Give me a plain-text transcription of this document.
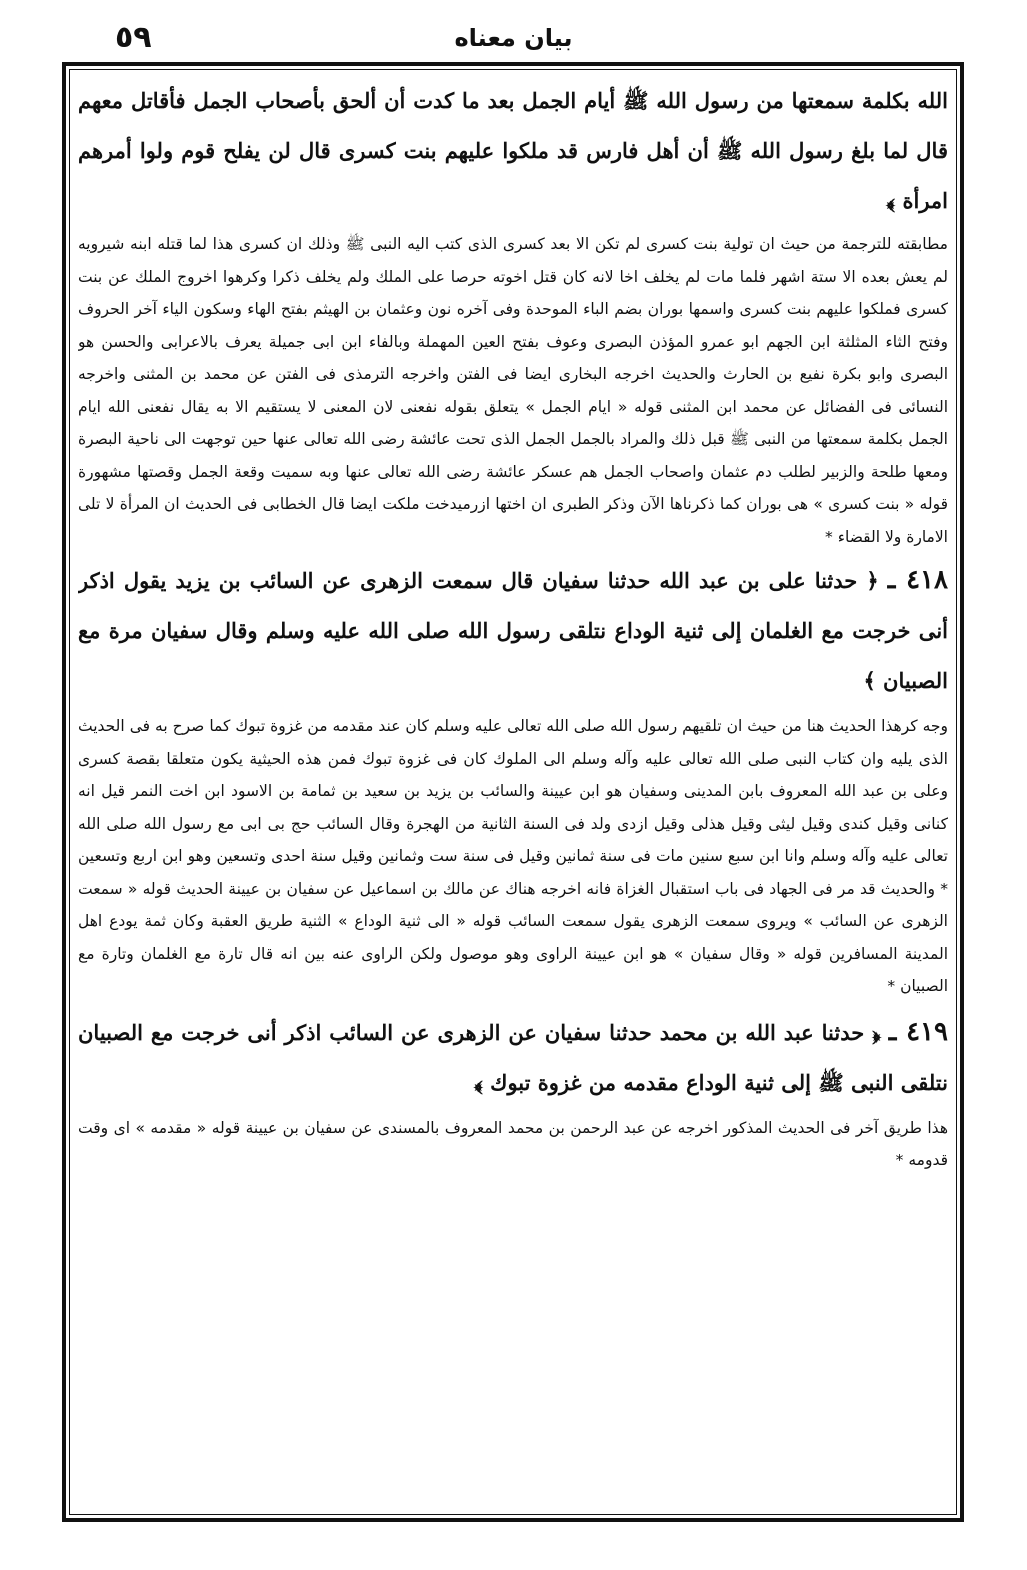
٥٩	بیان معناه

الله بكلمة سمعتها من رسول الله ﷺ أيام الجمل بعد ما كدت أن ألحق بأصحاب الجمل فأقاتل معهم قال لما بلغ رسول الله ﷺ أن أهل فارس قد ملكوا عليهم بنت كسرى قال لن يفلح قوم ولوا أمرهم امرأة ﴾

مطابقته للترجمة من حيث ان تولية بنت كسرى لم تكن الا بعد كسرى الذى كتب اليه النبى ﷺ وذلك ان كسرى هذا لما قتله ابنه شيرويه لم يعش بعده الا ستة اشهر فلما مات لم يخلف اخا لانه كان قتل اخوته حرصا على الملك ولم يخلف ذكرا وكرهوا اخروج الملك عن بنت كسرى فملكوا عليهم بنت كسرى واسمها بوران بضم الباء الموحدة وفى آخره نون وعثمان بن الهيثم بفتح الهاء وسكون الياء آخر الحروف وفتح الثاء المثلثة ابن الجهم ابو عمرو المؤذن البصرى وعوف بفتح العين المهملة وبالفاء ابن ابى جميلة يعرف بالاعرابى والحسن هو البصرى وابو بكرة نفيع بن الحارث والحديث اخرجه البخارى ايضا فى الفتن واخرجه الترمذى فى الفتن عن محمد بن المثنى واخرجه النسائى فى الفضائل عن محمد ابن المثنى قوله « ايام الجمل » يتعلق بقوله نفعنى لان المعنى لا يستقيم الا به يقال نفعنى الله ايام الجمل بكلمة سمعتها من النبى ﷺ قبل ذلك والمراد بالجمل الجمل الذى تحت عائشة رضى الله تعالى عنها حين توجهت الى ناحية البصرة ومعها طلحة والزبير لطلب دم عثمان واصحاب الجمل هم عسكر عائشة رضى الله تعالى عنها وبه سميت وقعة الجمل وقصتها مشهورة قوله « بنت كسرى » هى بوران كما ذكرناها الآن وذكر الطبرى ان اختها ازرميدخت ملكت ايضا قال الخطابى فى الحديث ان المرأة لا تلى الامارة ولا القضاء *

٤١٨ ـ ﴿ حدثنا على بن عبد الله حدثنا سفيان قال سمعت الزهرى عن السائب بن يزيد يقول اذكر أنى خرجت مع الغلمان إلى ثنية الوداع نتلقى رسول الله صلى الله عليه وسلم وقال سفيان مرة مع الصبيان ﴾

وجه كرهذا الحديث هنا من حيث ان تلقيهم رسول الله صلى الله تعالى عليه وسلم كان عند مقدمه من غزوة تبوك كما صرح به فى الحديث الذى يليه وان كتاب النبى صلى الله تعالى عليه وآله وسلم الى الملوك كان فى غزوة تبوك فمن هذه الحيثية يكون متعلقا بقصة كسرى وعلى بن عبد الله المعروف بابن المدينى وسفيان هو ابن عيينة والسائب بن يزيد بن سعيد بن ثمامة بن الاسود ابن اخت النمر قيل انه كنانى وقيل كندى وقيل ليثى وقيل هذلى وقيل ازدى ولد فى السنة الثانية من الهجرة وقال السائب حج بى ابى مع رسول الله صلى الله تعالى عليه وآله وسلم وانا ابن سبع سنين مات فى سنة ثمانين وقيل فى سنة ست وثمانين وقيل سنة احدى وتسعين وهو ابن اربع وتسعين * والحديث قد مر فى الجهاد فى باب استقبال الغزاة فانه اخرجه هناك عن مالك بن اسماعيل عن سفيان بن عيينة الحديث قوله « سمعت الزهرى عن السائب » ويروى سمعت الزهرى يقول سمعت السائب قوله « الى ثنية الوداع » الثنية طريق العقبة وكان ثمة يودع اهل المدينة المسافرين قوله « وقال سفيان » هو ابن عيينة الراوى وهو موصول ولكن الراوى عنه بين انه قال تارة مع الغلمان وتارة مع الصبيان *

٤١٩ ـ ﴿ حدثنا عبد الله بن محمد حدثنا سفيان عن الزهرى عن السائب اذكر أنى خرجت مع الصبيان نتلقى النبى ﷺ إلى ثنية الوداع مقدمه من غزوة تبوك ﴾

هذا طريق آخر فى الحديث المذكور اخرجه عن عبد الرحمن بن محمد المعروف بالمسندى عن سفيان بن عيينة قوله « مقدمه » اى وقت قدومه *
